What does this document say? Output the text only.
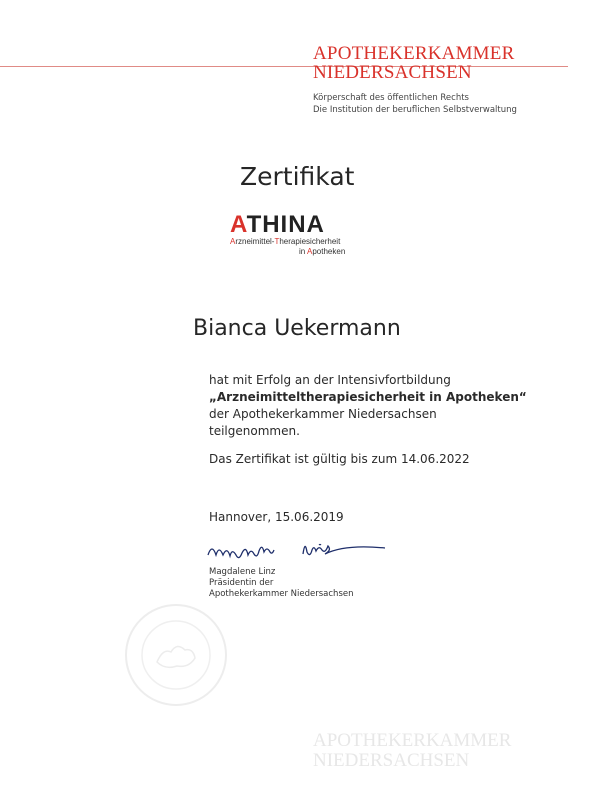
APOTHEKERKAMMER
NIEDERSACHSEN
Körperschaft des öffentlichen Rechts
Die Institution der beruflichen Selbstverwaltung
Zertifikat
ATHINA
Arzneimittel-Therapiesicherheit
in Apotheken
Bianca Uekermann
hat mit Erfolg an der Intensivfortbildung
„Arzneimitteltherapiesicherheit in Apotheken“
der Apothekerkammer Niedersachsen
teilgenommen.
Das Zertifikat ist gültig bis zum 14.06.2022
Hannover, 15.06.2019
Magdalene Linz
Präsidentin der
Apothekerkammer Niedersachsen
APOTHEKERKAMMER
NIEDERSACHSEN
